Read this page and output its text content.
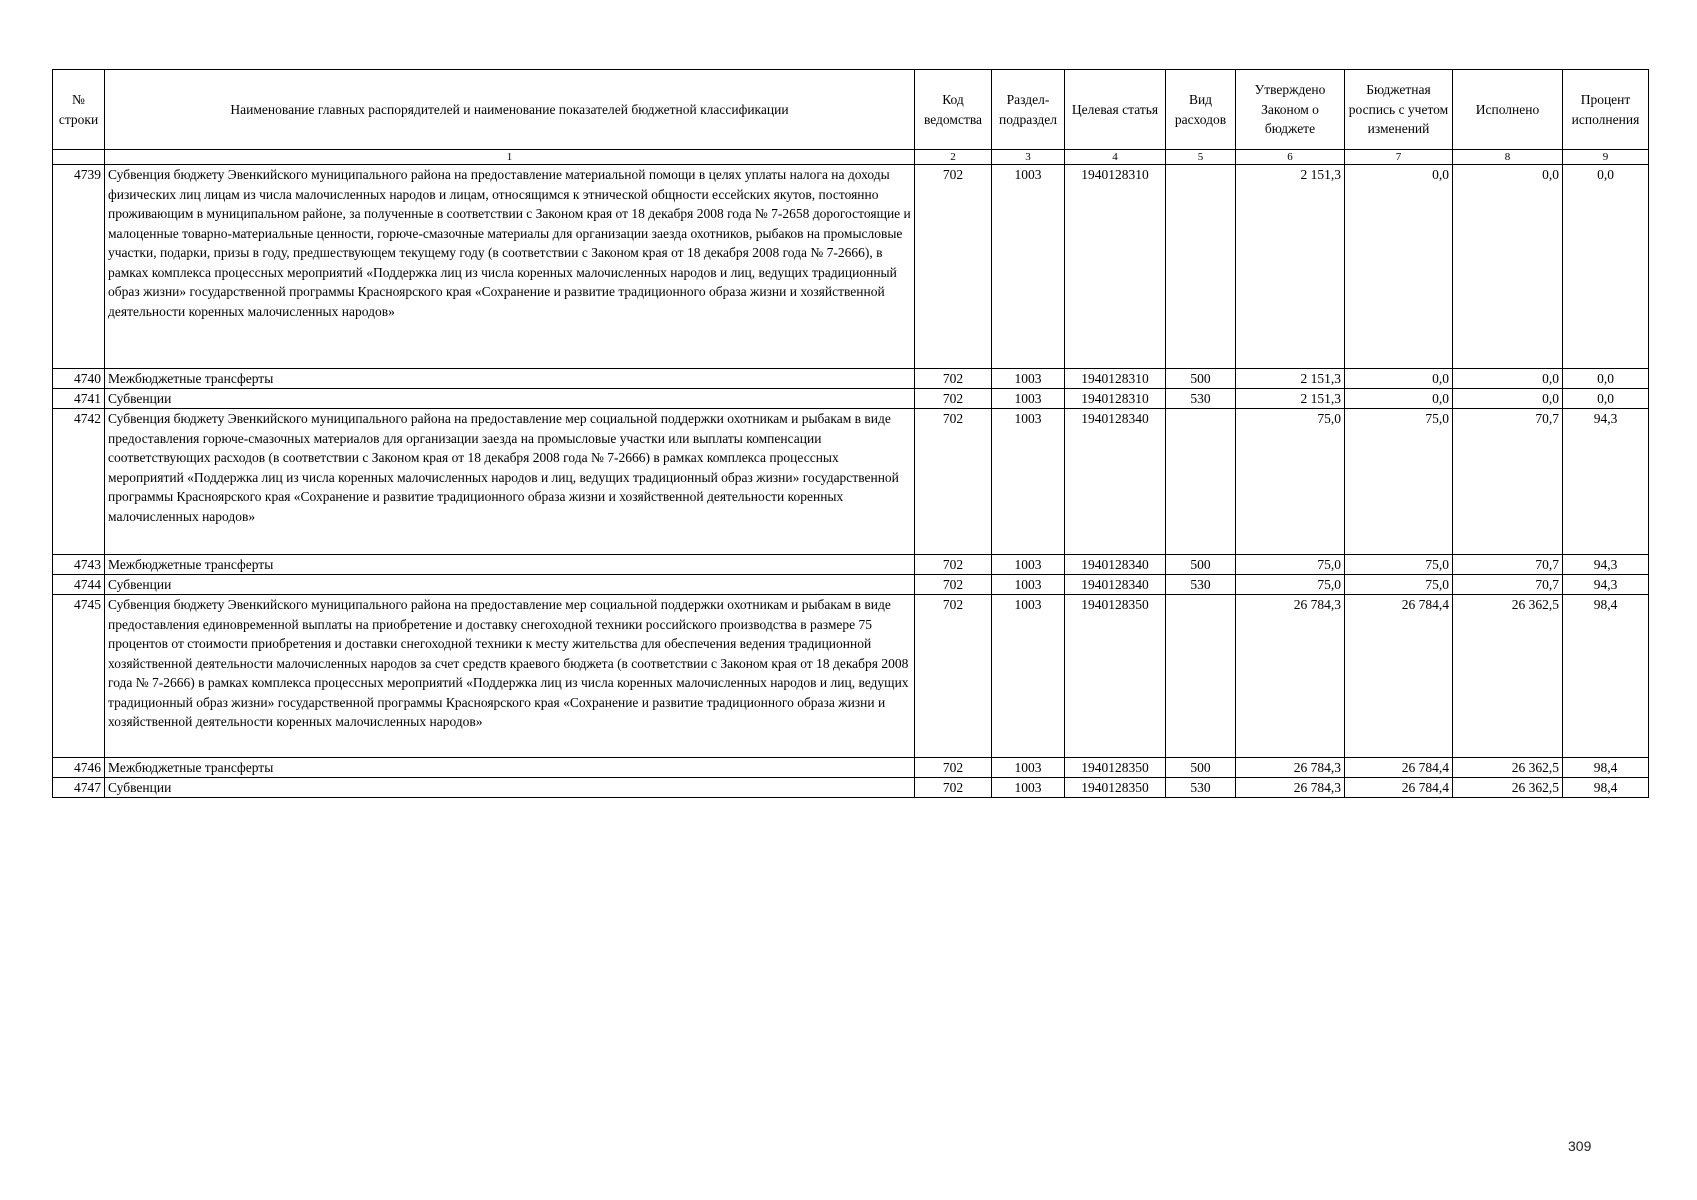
№ строки	Наименование главных распорядителей и наименование показателей бюджетной классификации	Код ведомства	Раздел-подраздел	Целевая статья	Вид расходов	Утверждено Законом о бюджете	Бюджетная роспись с учетом изменений	Исполнено	Процент исполнения
	1	2	3	4	5	6	7	8	9
4739	Субвенция бюджету Эвенкийского муниципального района на предоставление материальной помощи в целях уплаты налога на доходы физических лиц лицам из числа малочисленных народов и лицам, относящимся к этнической общности ессейских якутов, постоянно проживающим в муниципальном районе, за полученные в соответствии с Законом края от 18 декабря 2008 года № 7-2658 дорогостоящие и малоценные товарно-материальные ценности, горюче-смазочные материалы для организации заезда охотников, рыбаков на промысловые участки, подарки, призы в году, предшествующем текущему году (в соответствии с Законом края от 18 декабря 2008 года № 7-2666), в рамках комплекса процессных мероприятий «Поддержка лиц из числа коренных малочисленных народов и лиц, ведущих традиционный образ жизни» государственной программы Красноярского края «Сохранение и развитие традиционного образа жизни и хозяйственной деятельности коренных малочисленных народов»	702	1003	1940128310		2 151,3	0,0	0,0	0,0
4740	Межбюджетные трансферты	702	1003	1940128310	500	2 151,3	0,0	0,0	0,0
4741	Субвенции	702	1003	1940128310	530	2 151,3	0,0	0,0	0,0
4742	Субвенция бюджету Эвенкийского муниципального района на предоставление мер социальной поддержки охотникам и рыбакам в виде предоставления горюче-смазочных материалов для организации заезда на промысловые участки или выплаты компенсации соответствующих расходов (в соответствии с Законом края от 18 декабря 2008 года № 7-2666) в рамках комплекса процессных мероприятий «Поддержка лиц из числа коренных малочисленных народов и лиц, ведущих традиционный образ жизни» государственной программы Красноярского края «Сохранение и развитие традиционного образа жизни и хозяйственной деятельности коренных малочисленных народов»	702	1003	1940128340		75,0	75,0	70,7	94,3
4743	Межбюджетные трансферты	702	1003	1940128340	500	75,0	75,0	70,7	94,3
4744	Субвенции	702	1003	1940128340	530	75,0	75,0	70,7	94,3
4745	Субвенция бюджету Эвенкийского муниципального района на предоставление мер социальной поддержки охотникам и рыбакам в виде предоставления единовременной выплаты на приобретение и доставку снегоходной техники российского производства в размере 75 процентов от стоимости приобретения и доставки снегоходной техники к месту жительства для обеспечения ведения традиционной хозяйственной деятельности малочисленных народов за счет средств краевого бюджета (в соответствии с Законом края от 18 декабря 2008 года № 7-2666) в рамках комплекса процессных мероприятий «Поддержка лиц из числа коренных малочисленных народов и лиц, ведущих традиционный образ жизни» государственной программы Красноярского края «Сохранение и развитие традиционного образа жизни и хозяйственной деятельности коренных малочисленных народов»	702	1003	1940128350		26 784,3	26 784,4	26 362,5	98,4
4746	Межбюджетные трансферты	702	1003	1940128350	500	26 784,3	26 784,4	26 362,5	98,4
4747	Субвенции	702	1003	1940128350	530	26 784,3	26 784,4	26 362,5	98,4
309
